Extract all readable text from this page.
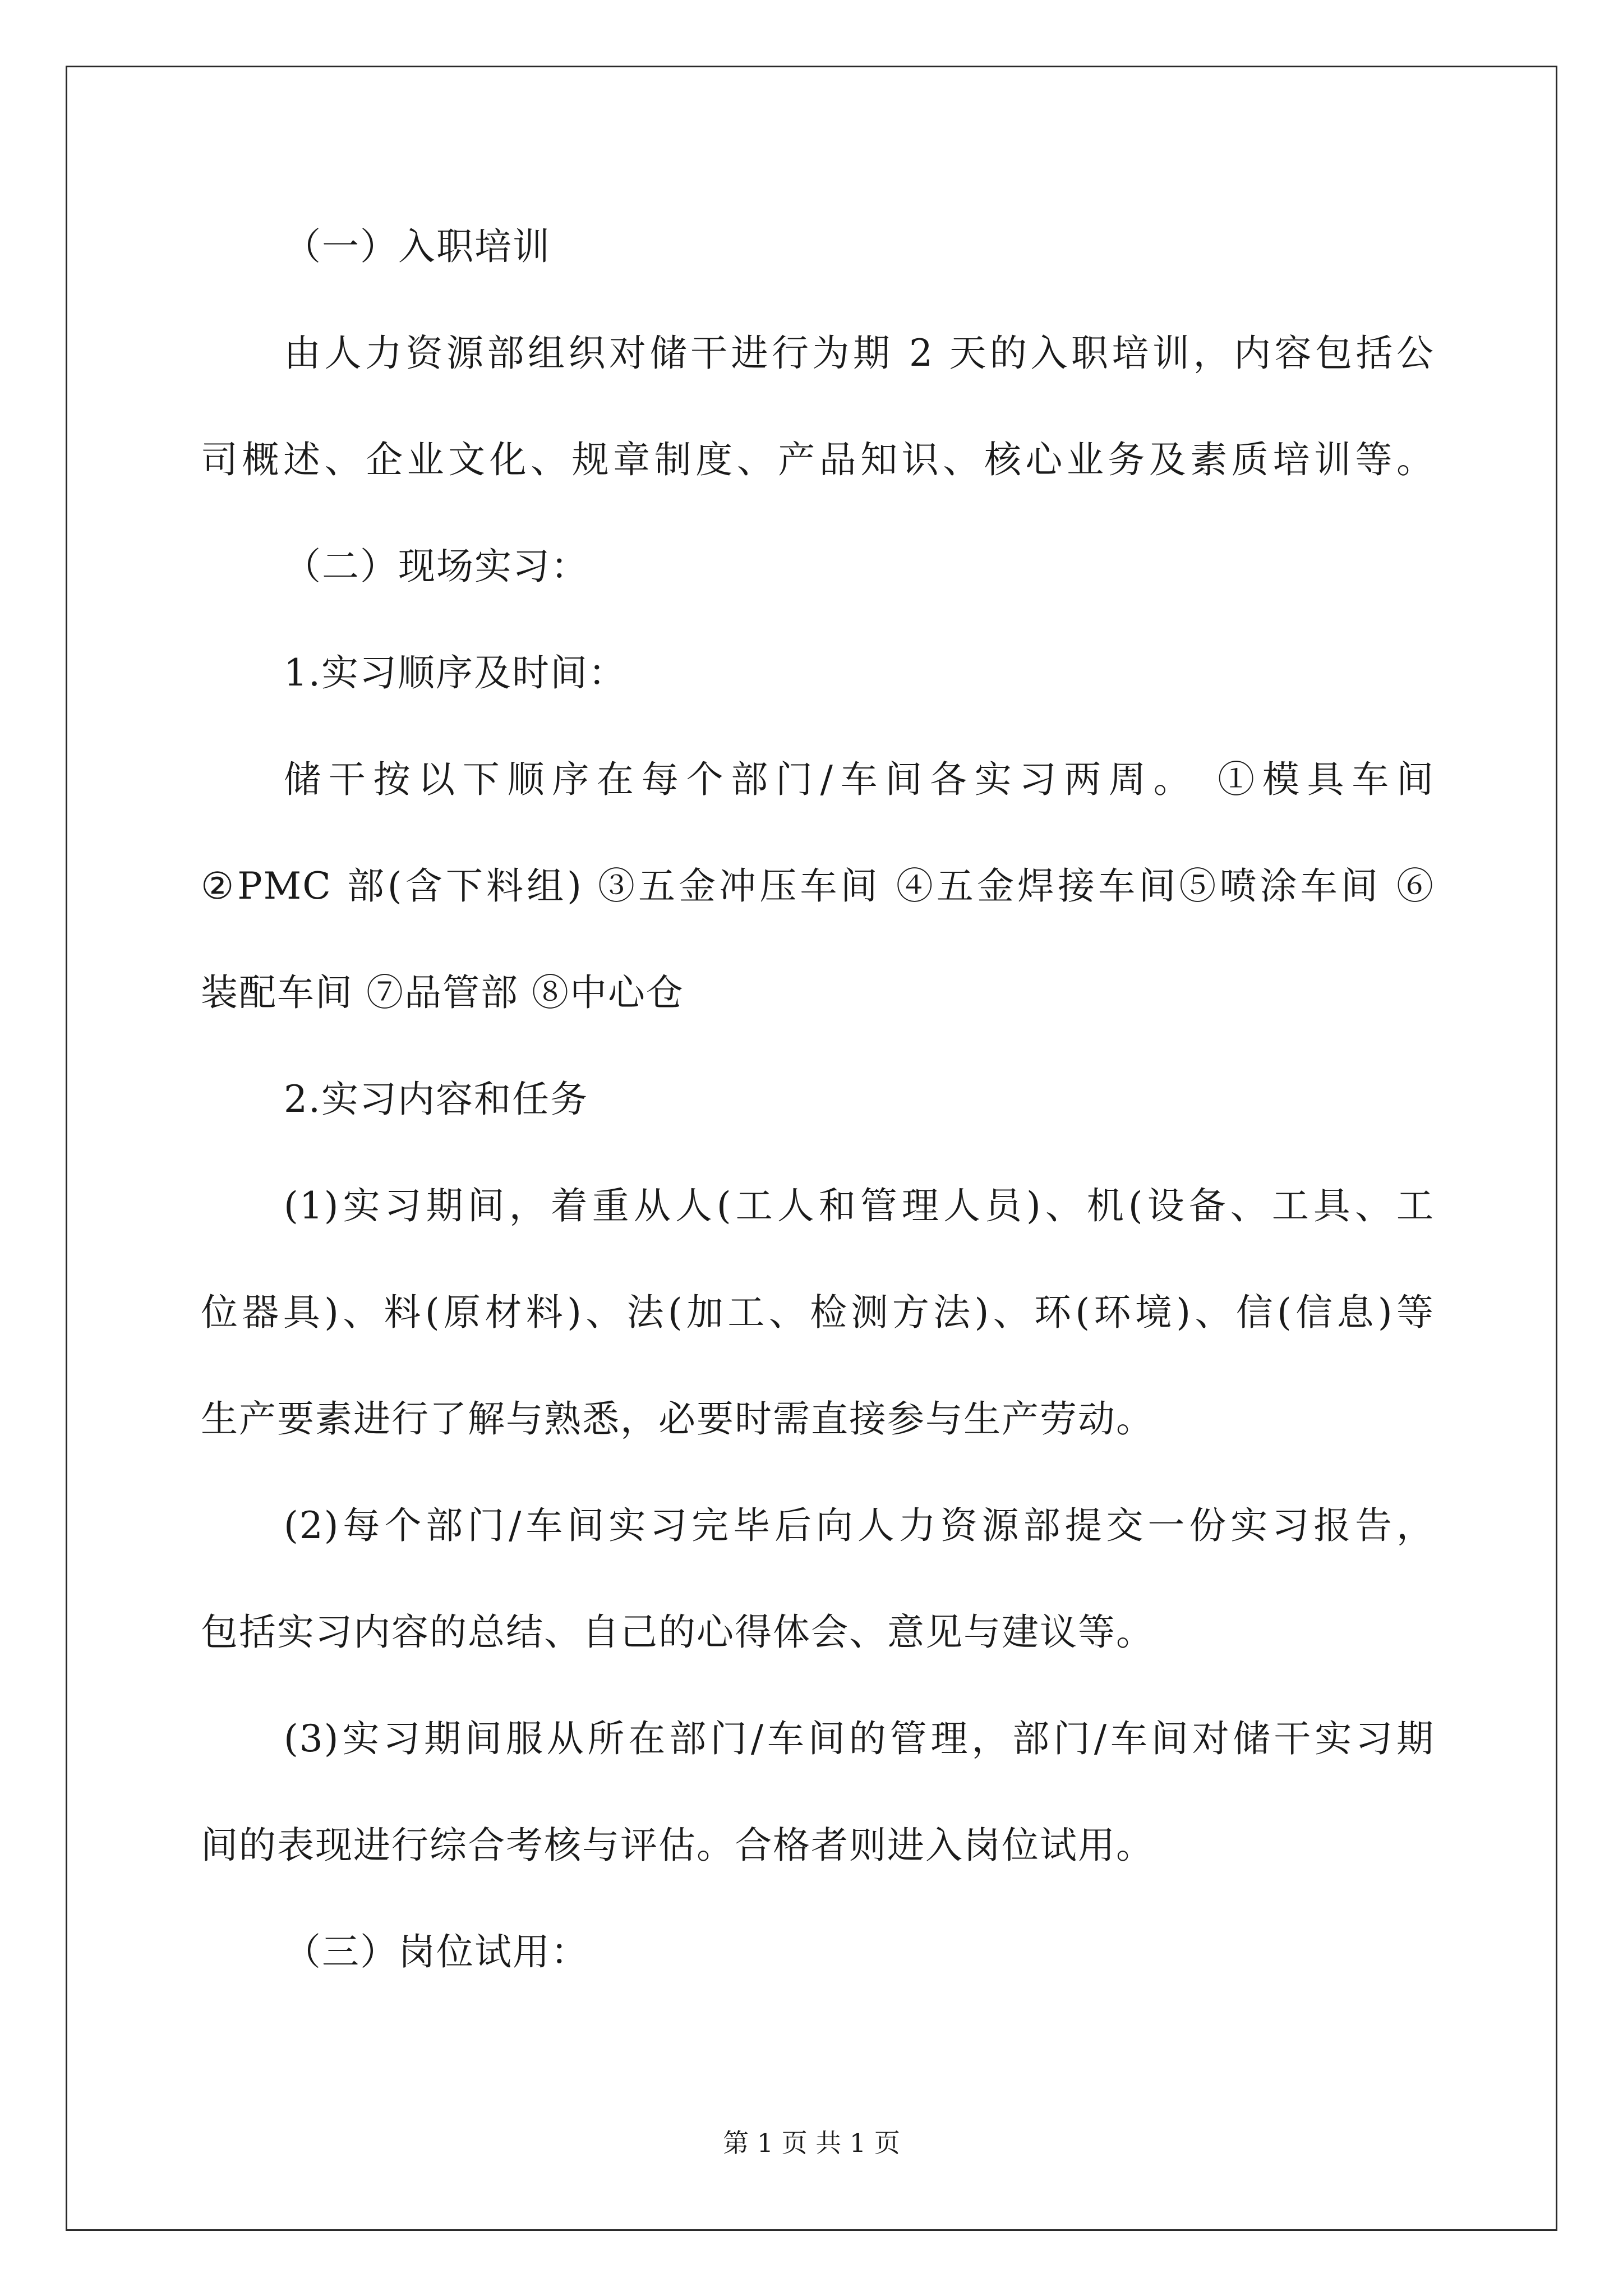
（一）入职培训
由人力资源部组织对储干进行为期 2 天的入职培训，内容包括公
司概述、企业文化、规章制度、产品知识、核心业务及素质培训等。
（二）现场实习：
1.实习顺序及时间：
储干按以下顺序在每个部门/车间各实习两周。 ①模具车间
②PMC 部(含下料组) ③五金冲压车间 ④五金焊接车间⑤喷涂车间 ⑥
装配车间 ⑦品管部 ⑧中心仓
2.实习内容和任务
(1)实习期间，着重从人(工人和管理人员)、机(设备、工具、工
位器具)、料(原材料)、法(加工、检测方法)、环(环境)、信(信息)等
生产要素进行了解与熟悉，必要时需直接参与生产劳动。
(2)每个部门/车间实习完毕后向人力资源部提交一份实习报告，
包括实习内容的总结、自己的心得体会、意见与建议等。
(3)实习期间服从所在部门/车间的管理，部门/车间对储干实习期
间的表现进行综合考核与评估。合格者则进入岗位试用。
（三）岗位试用：
第 1 页 共 1 页
